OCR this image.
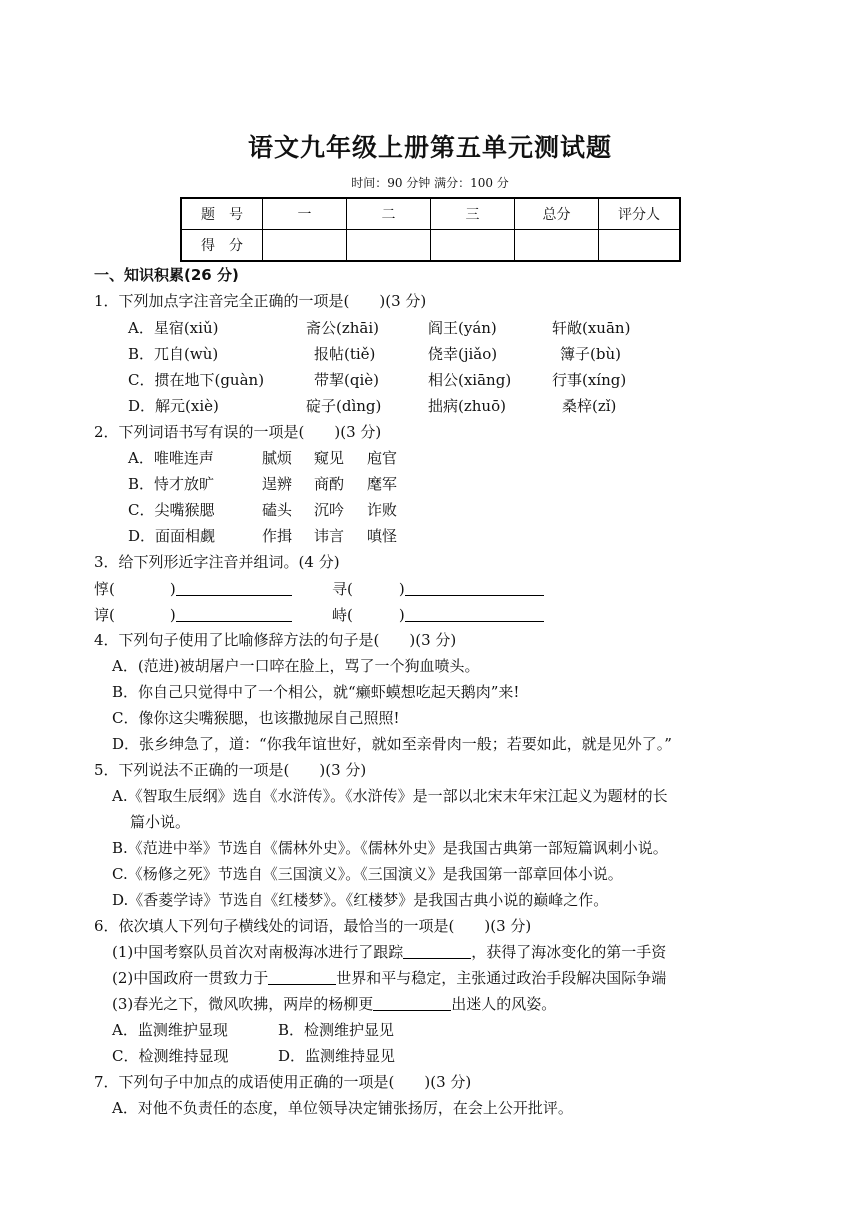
语文九年级上册第五单元测试题
时间：90 分钟 满分：100 分
题　号	一	二	三	总分	评分人
得　分					
一、知识积累(26 分)
1．下列加点字注音完全正确的一项是(　　)(3 分)
A．星宿(xiǔ)	斋公(zhāi)	阎王(yán)	轩敞(xuān)
B．兀自(wù)	报帖(tiě)	侥幸(jiǎo)	簿子(bù)
C．掼在地下(guàn)	带挈(qiè)	相公(xiāng)	行事(xíng)
D．解元(xiè)	碇子(dìng)	拙病(zhuō)	桑梓(zǐ)
2．下列词语书写有误的一项是(　　)(3 分)
A．唯唯连声	腻烦 窥见 庖官
B．恃才放旷	逞辨 商酌 麾军
C．尖嘴猴腮	磕头 沉吟 诈败
D．面面相觑	作揖 讳言 嗔怪
3．给下列形近字注音并组词。(4 分)
惇(	)	寻(	)
谆(	)	峙(	)
4．下列句子使用了比喻修辞方法的句子是(　　)(3 分)
A．(范进)被胡屠户一口啐在脸上，骂了一个狗血喷头。
B．你自己只觉得中了一个相公，就“癞虾蟆想吃起天鹅肉”来!
C．像你这尖嘴猴腮，也该撒抛尿自己照照!
D．张乡绅急了，道：“你我年谊世好，就如至亲骨肉一般；若要如此，就是见外了。”
5．下列说法不正确的一项是(　　)(3 分)
A.《智取生辰纲》选自《水浒传》。《水浒传》是一部以北宋末年宋江起义为题材的长
篇小说。
B.《范进中举》节选自《儒林外史》。《儒林外史》是我国古典第一部短篇讽刺小说。
C.《杨修之死》节选自《三国演义》。《三国演义》是我国第一部章回体小说。
D.《香菱学诗》节选自《红楼梦》。《红楼梦》是我国古典小说的巅峰之作。
6．依次填人下列句子横线处的词语，最恰当的一项是(　　)(3 分)
(1)中国考察队员首次对南极海冰进行了跟踪	，获得了海冰变化的第一手资
(2)中国政府一贯致力于	世界和平与稳定，主张通过政治手段解决国际争端
(3)春光之下，微风吹拂，两岸的杨柳更	出迷人的风姿。
A．监测维护显现	B．检测维护显见
C．检测维持显现	D．监测维持显见
7．下列句子中加点的成语使用正确的一项是(　　)(3 分)
A．对他不负责任的态度，单位领导决定铺张扬厉，在会上公开批评。
